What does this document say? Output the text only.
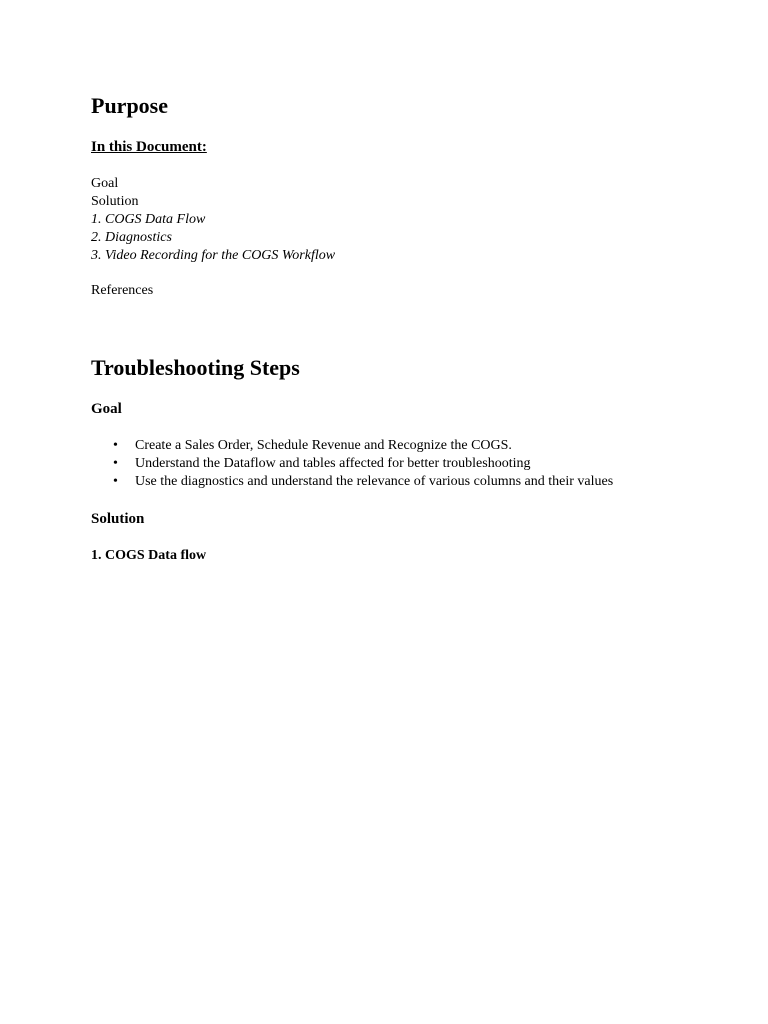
Purpose
In this Document:
Goal
Solution
1. COGS Data Flow
2. Diagnostics
3. Video Recording for the COGS Workflow
References
Troubleshooting Steps
Goal
• Create a Sales Order, Schedule Revenue and Recognize the COGS.
• Understand the Dataflow and tables affected for better troubleshooting
• Use the diagnostics and understand the relevance of various columns and their values
Solution
1. COGS Data flow
